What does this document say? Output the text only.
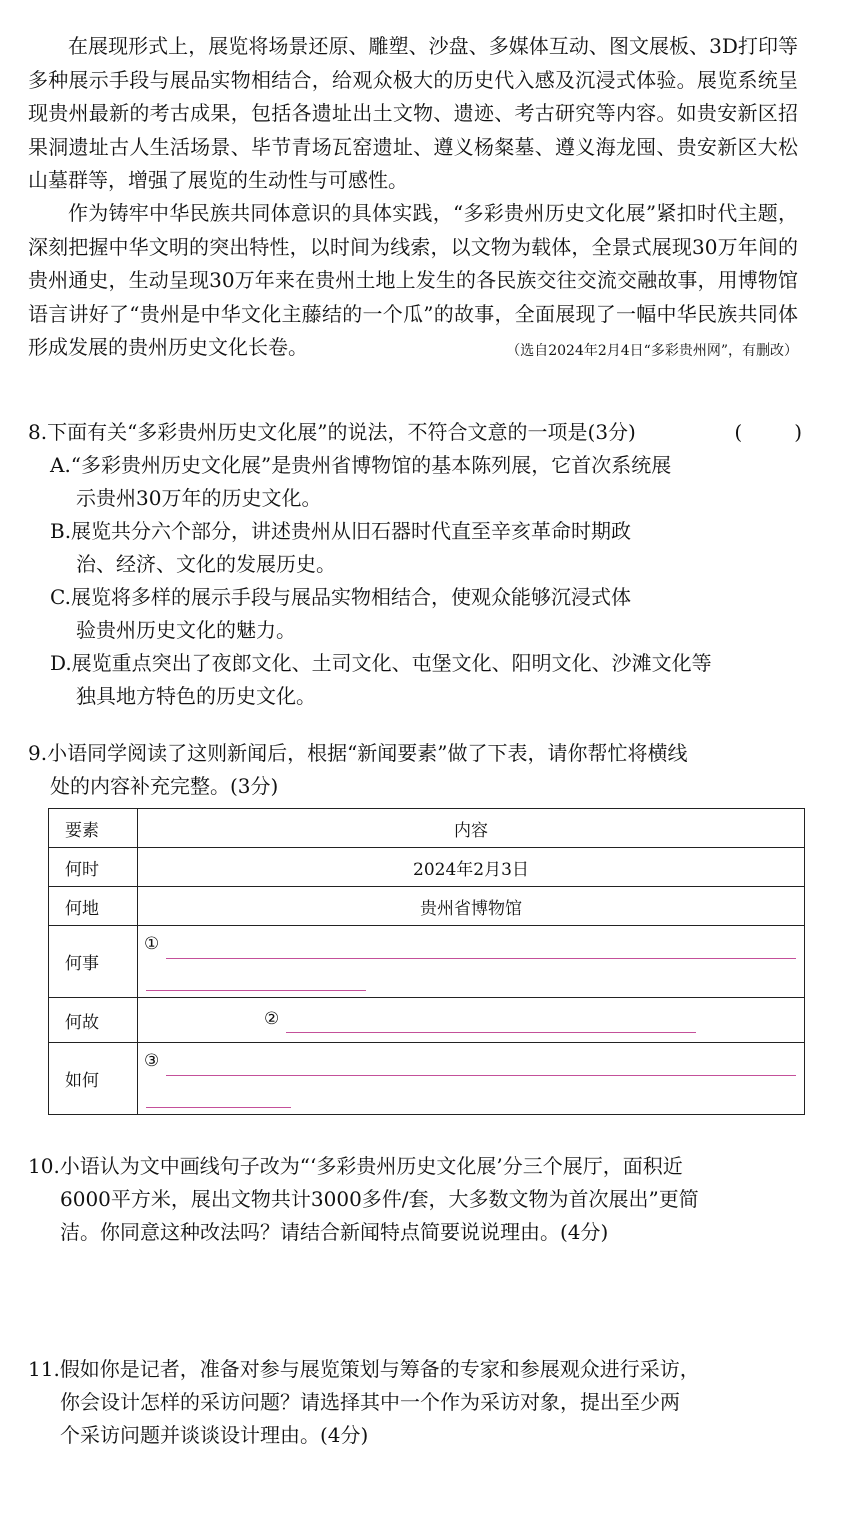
在展现形式上，展览将场景还原、雕塑、沙盘、多媒体互动、图文展板、3D打印等多种展示手段与展品实物相结合，给观众极大的历史代入感及沉浸式体验。展览系统呈现贵州最新的考古成果，包括各遗址出土文物、遗迹、考古研究等内容。如贵安新区招果洞遗址古人生活场景、毕节青场瓦窑遗址、遵义杨粲墓、遵义海龙囤、贵安新区大松山墓群等，增强了展览的生动性与可感性。
作为铸牢中华民族共同体意识的具体实践，“多彩贵州历史文化展”紧扣时代主题，深刻把握中华文明的突出特性，以时间为线索，以文物为载体，全景式展现30万年间的贵州通史，生动呈现30万年来在贵州土地上发生的各民族交往交流交融故事，用博物馆语言讲好了“贵州是中华文化主藤结的一个瓜”的故事，全面展现了一幅中华民族共同体形成发展的贵州历史文化长卷。	（选自2024年2月4日“多彩贵州网”，有删改）
8.下面有关“多彩贵州历史文化展”的说法，不符合文意的一项是(3分)	(	)
A.“多彩贵州历史文化展”是贵州省博物馆的基本陈列展，它首次系统展
示贵州30万年的历史文化。
B.展览共分六个部分，讲述贵州从旧石器时代直至辛亥革命时期政
治、经济、文化的发展历史。
C.展览将多样的展示手段与展品实物相结合，使观众能够沉浸式体
验贵州历史文化的魅力。
D.展览重点突出了夜郎文化、土司文化、屯堡文化、阳明文化、沙滩文化等
独具地方特色的历史文化。
9.小语同学阅读了这则新闻后，根据“新闻要素”做了下表，请你帮忙将横线
处的内容补充完整。(3分)
要素	内容
何时	2024年2月3日
何地	贵州省博物馆
何事	①

何故	②

如何	③
10.小语认为文中画线句子改为“‘多彩贵州历史文化展’分三个展厅，面积近
6000平方米，展出文物共计3000多件/套，大多数文物为首次展出”更简
洁。你同意这种改法吗？请结合新闻特点简要说说理由。(4分)
11.假如你是记者，准备对参与展览策划与筹备的专家和参展观众进行采访，
你会设计怎样的采访问题？请选择其中一个作为采访对象，提出至少两
个采访问题并谈谈设计理由。(4分)
